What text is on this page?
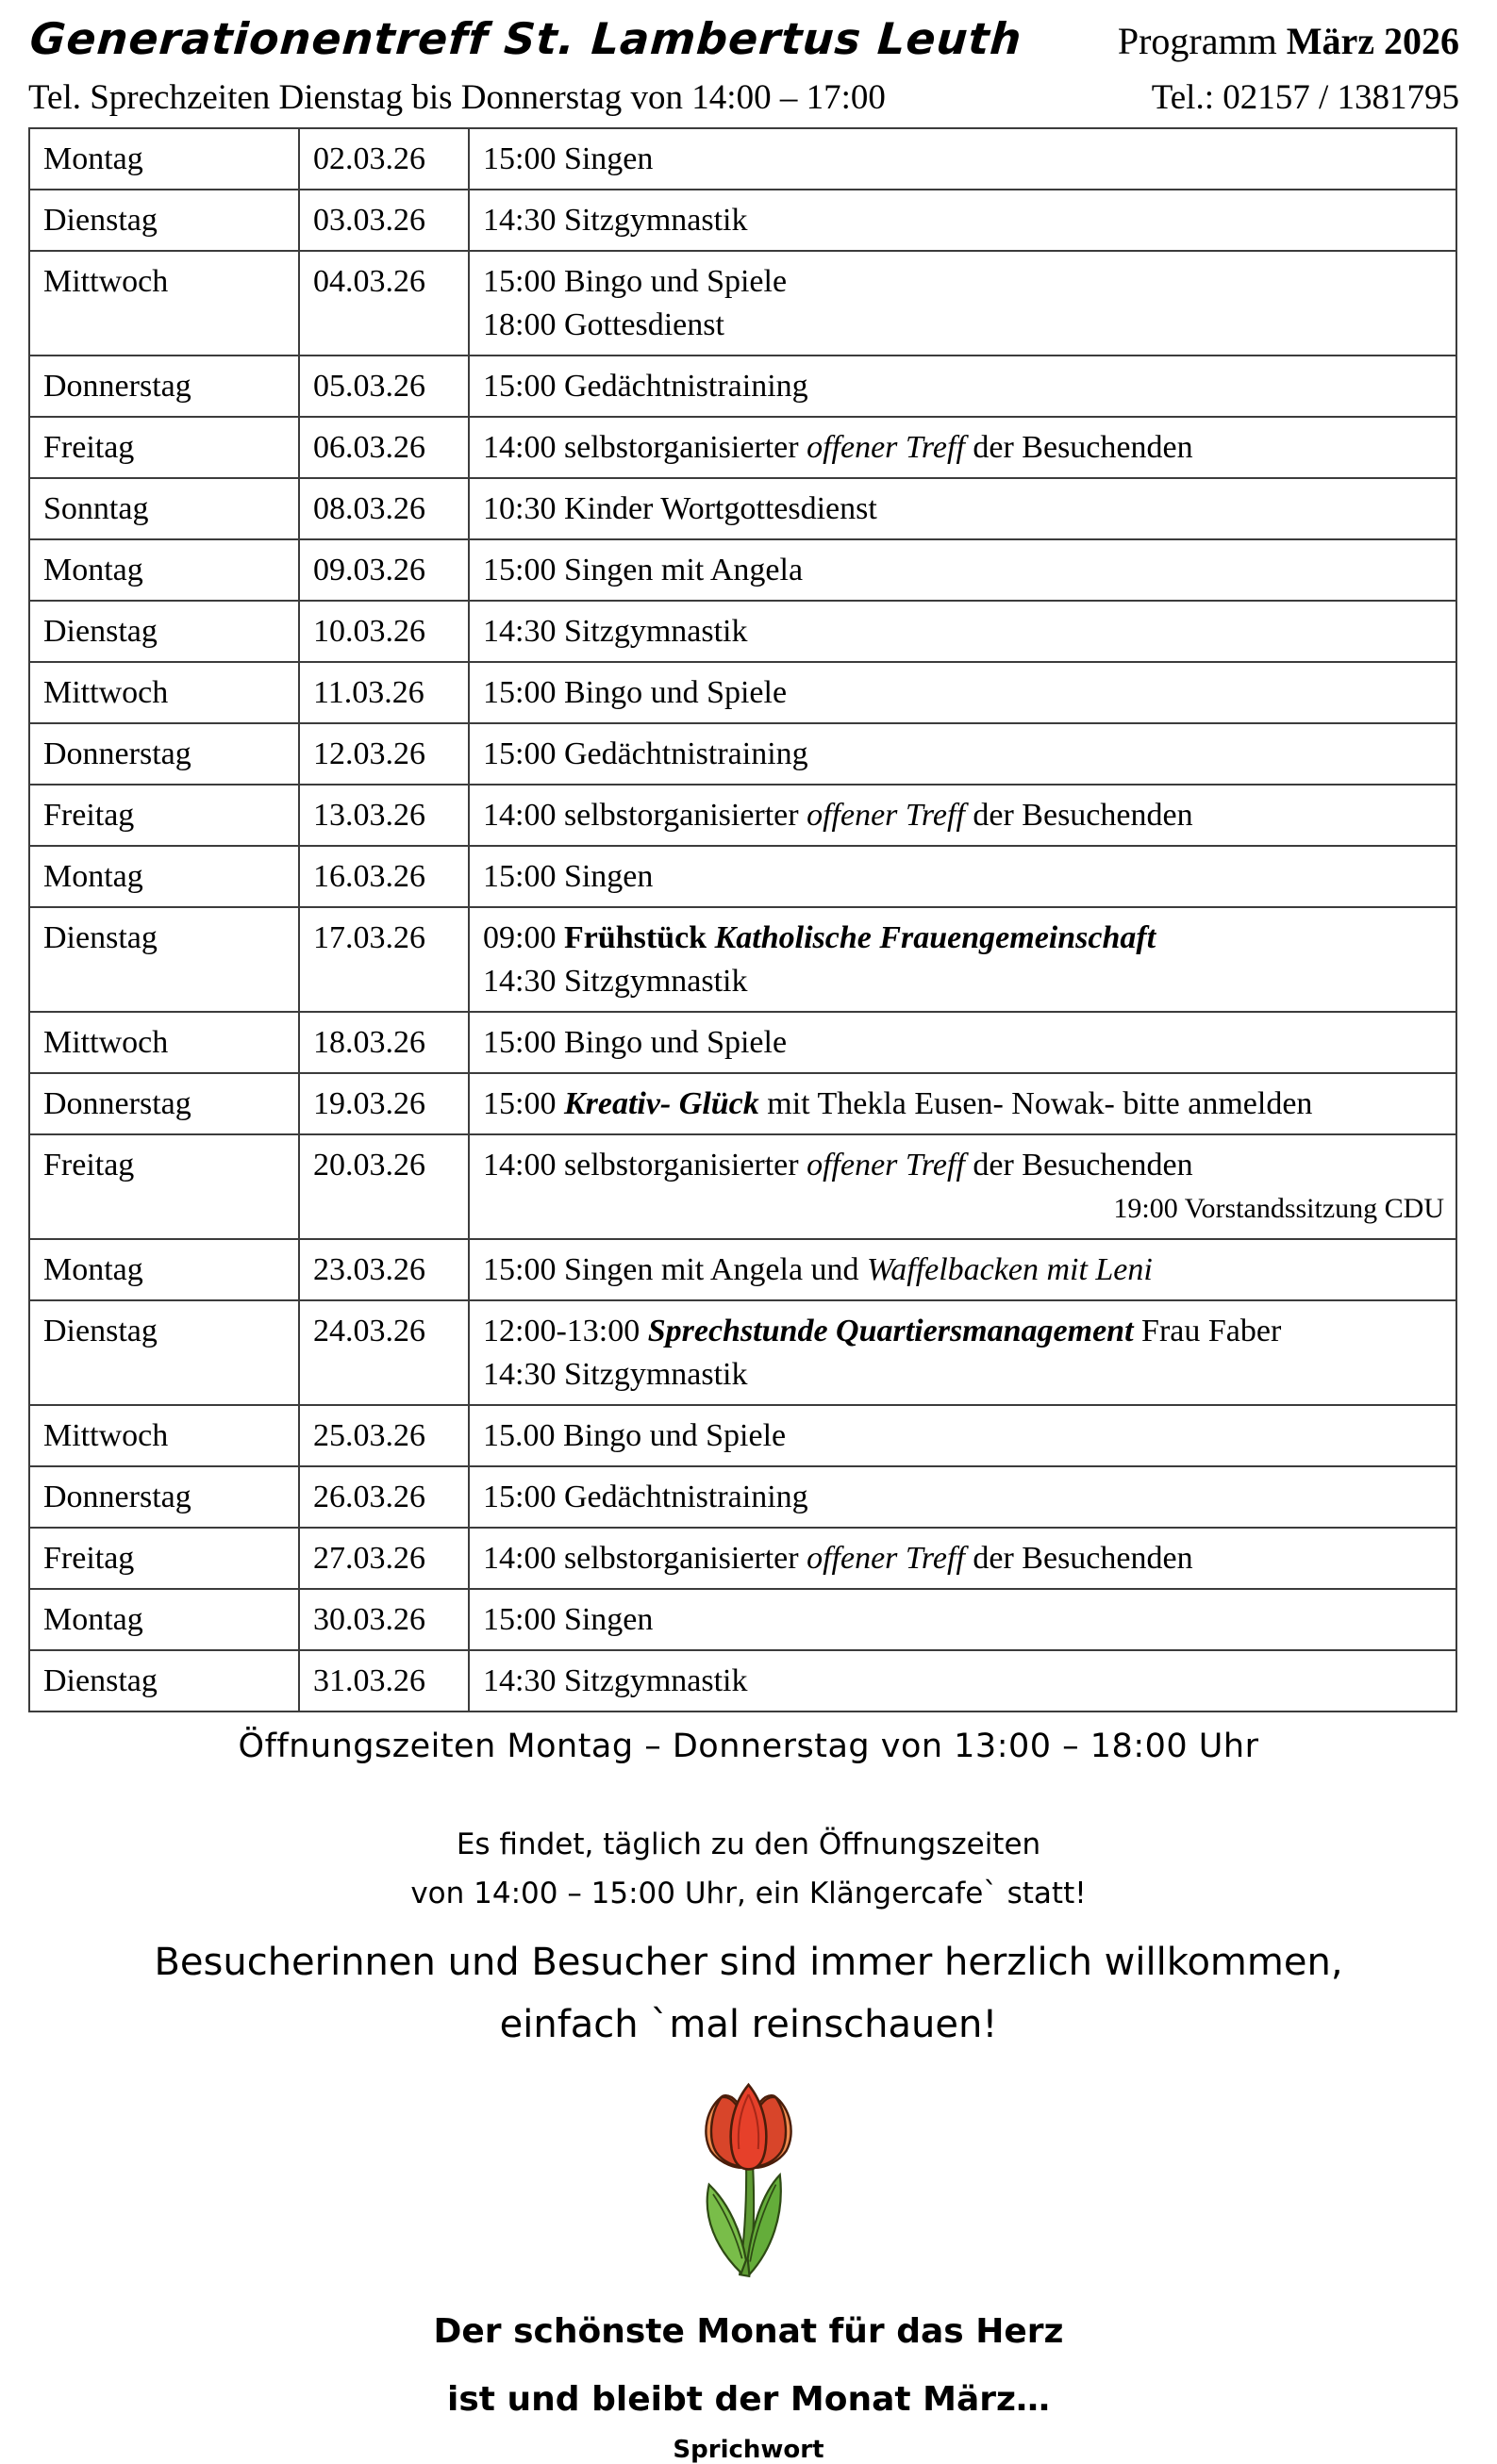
Generationentreff St. Lambertus Leuth Programm März 2026
Tel. Sprechzeiten Dienstag bis Donnerstag von 14:00 – 17:00	Tel.: 02157 / 1381795
Montag	02.03.26	15:00 Singen

Dienstag	03.03.26	14:30 Sitzgymnastik

Mittwoch	04.03.26	15:00 Bingo und Spiele
18:00 Gottesdienst

Donnerstag	05.03.26	15:00 Gedächtnistraining

Freitag	06.03.26	14:00 selbstorganisierter offener Treff der Besuchenden

Sonntag	08.03.26	10:30 Kinder Wortgottesdienst

Montag	09.03.26	15:00 Singen mit Angela

Dienstag	10.03.26	14:30 Sitzgymnastik

Mittwoch	11.03.26	15:00 Bingo und Spiele

Donnerstag	12.03.26	15:00 Gedächtnistraining

Freitag	13.03.26	14:00 selbstorganisierter offener Treff der Besuchenden

Montag	16.03.26	15:00 Singen

Dienstag	17.03.26	09:00 Frühstück Katholische Frauengemeinschaft
14:30 Sitzgymnastik

Mittwoch	18.03.26	15:00 Bingo und Spiele

Donnerstag	19.03.26	15:00 Kreativ- Glück mit Thekla Eusen- Nowak- bitte anmelden

Freitag	20.03.26	14:00 selbstorganisierter offener Treff der Besuchenden
19:00 Vorstandssitzung CDU

Montag	23.03.26	15:00 Singen mit Angela und Waffelbacken mit Leni

Dienstag	24.03.26	12:00-13:00 Sprechstunde Quartiersmanagement Frau Faber
14:30 Sitzgymnastik

Mittwoch	25.03.26	15.00 Bingo und Spiele

Donnerstag	26.03.26	15:00 Gedächtnistraining

Freitag	27.03.26	14:00 selbstorganisierter offener Treff der Besuchenden

Montag	30.03.26	15:00 Singen

Dienstag	31.03.26	14:30 Sitzgymnastik
Öffnungszeiten Montag – Donnerstag von 13:00 – 18:00 Uhr
Es findet, täglich zu den Öffnungszeiten
von 14:00 – 15:00 Uhr, ein Klängercafe` statt!
Besucherinnen und Besucher sind immer herzlich willkommen,
einfach `mal reinschauen!
Der schönste Monat für das Herz
ist und bleibt der Monat März…
Sprichwort
